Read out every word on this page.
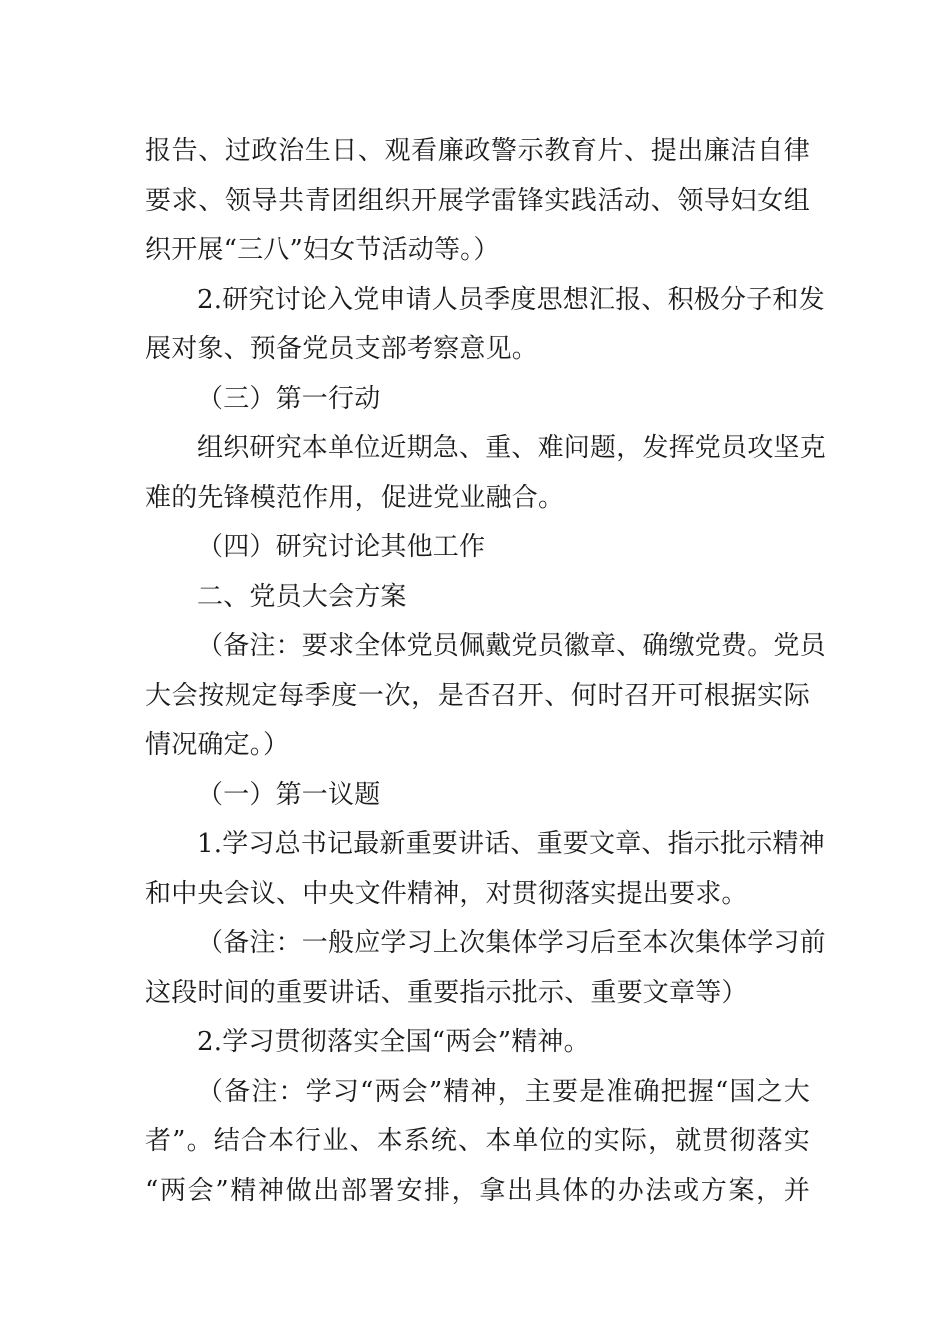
报告、过政治生日、观看廉政警示教育片、提出廉洁自律
要求、领导共青团组织开展学雷锋实践活动、领导妇女组
织开展“三八”妇女节活动等。）
2.研究讨论入党申请人员季度思想汇报、积极分子和发
展对象、预备党员支部考察意见。
（三）第一行动
组织研究本单位近期急、重、难问题，发挥党员攻坚克
难的先锋模范作用，促进党业融合。
（四）研究讨论其他工作
二、党员大会方案
（备注：要求全体党员佩戴党员徽章、确缴党费。党员
大会按规定每季度一次，是否召开、何时召开可根据实际
情况确定。）
（一）第一议题
1.学习总书记最新重要讲话、重要文章、指示批示精神
和中央会议、中央文件精神，对贯彻落实提出要求。
（备注：一般应学习上次集体学习后至本次集体学习前
这段时间的重要讲话、重要指示批示、重要文章等）
2.学习贯彻落实全国“两会”精神。
（备注：学习“两会”精神，主要是准确把握“国之大
者”。结合本行业、本系统、本单位的实际，就贯彻落实
“两会”精神做出部署安排，拿出具体的办法或方案，并
